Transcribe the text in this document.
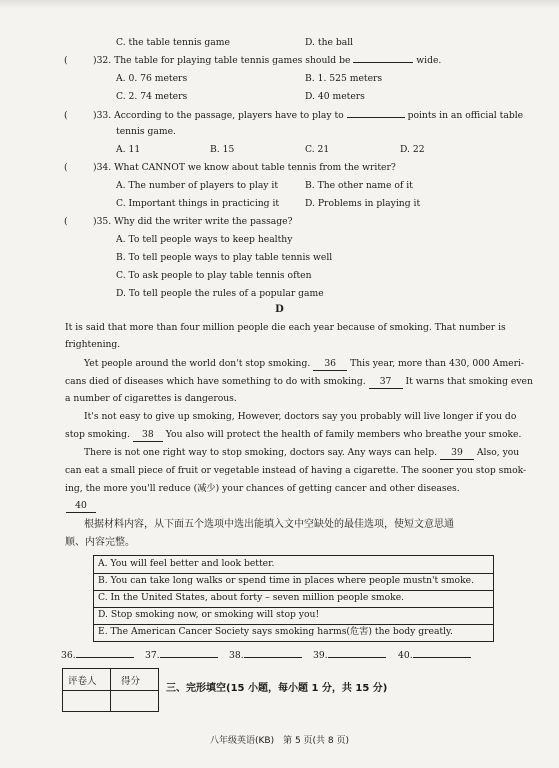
C. the table tennis game	D. the ball
(	)32. The table for playing table tennis games should be	wide.
A. 0. 76 meters	B. 1. 525 meters
C. 2. 74 meters	D. 40 meters
(	)33. According to the passage, players have to play to	points in an official table
tennis game.
A. 11	B. 15	C. 21	D. 22
(	)34. What CANNOT we know about table tennis from the writer?
A. The number of players to play it	B. The other name of it
C. Important things in practicing it	D. Problems in playing it
(	)35. Why did the writer write the passage?
A. To tell people ways to keep healthy
B. To tell people ways to play table tennis well
C. To ask people to play table tennis often
D. To tell people the rules of a popular game
D
It is said that more than four million people die each year because of smoking. That number is
frightening.
Yet people around the world don't stop smoking. 36 This year, more than 430, 000 Ameri-
cans died of diseases which have something to do with smoking. 37 It warns that smoking even
a number of cigarettes is dangerous.
It's not easy to give up smoking, However, doctors say you probably will live longer if you do
stop smoking. 38 You also will protect the health of family members who breathe your smoke.
There is not one right way to stop smoking, doctors say. Any ways can help. 39 Also, you
can eat a small piece of fruit or vegetable instead of having a cigarette. The sooner you stop smok-
ing, the more you'll reduce (减少) your chances of getting cancer and other diseases.
40
根据材料内容，从下面五个选项中选出能填入文中空缺处的最佳选项，使短文意思通
顺、内容完整。
A. You will feel better and look better.
B. You can take long walks or spend time in places where people mustn't smoke.
C. In the United States, about forty – seven million people smoke.
D. Stop smoking now, or smoking will stop you!
E. The American Cancer Society says smoking harms(危害) the body greatly.
36.	37.	38.	39.	40.
评卷人	得分
三、完形填空(15 小题，每小题 1 分，共 15 分)
八年级英语(KB)　第 5 页(共 8 页)
